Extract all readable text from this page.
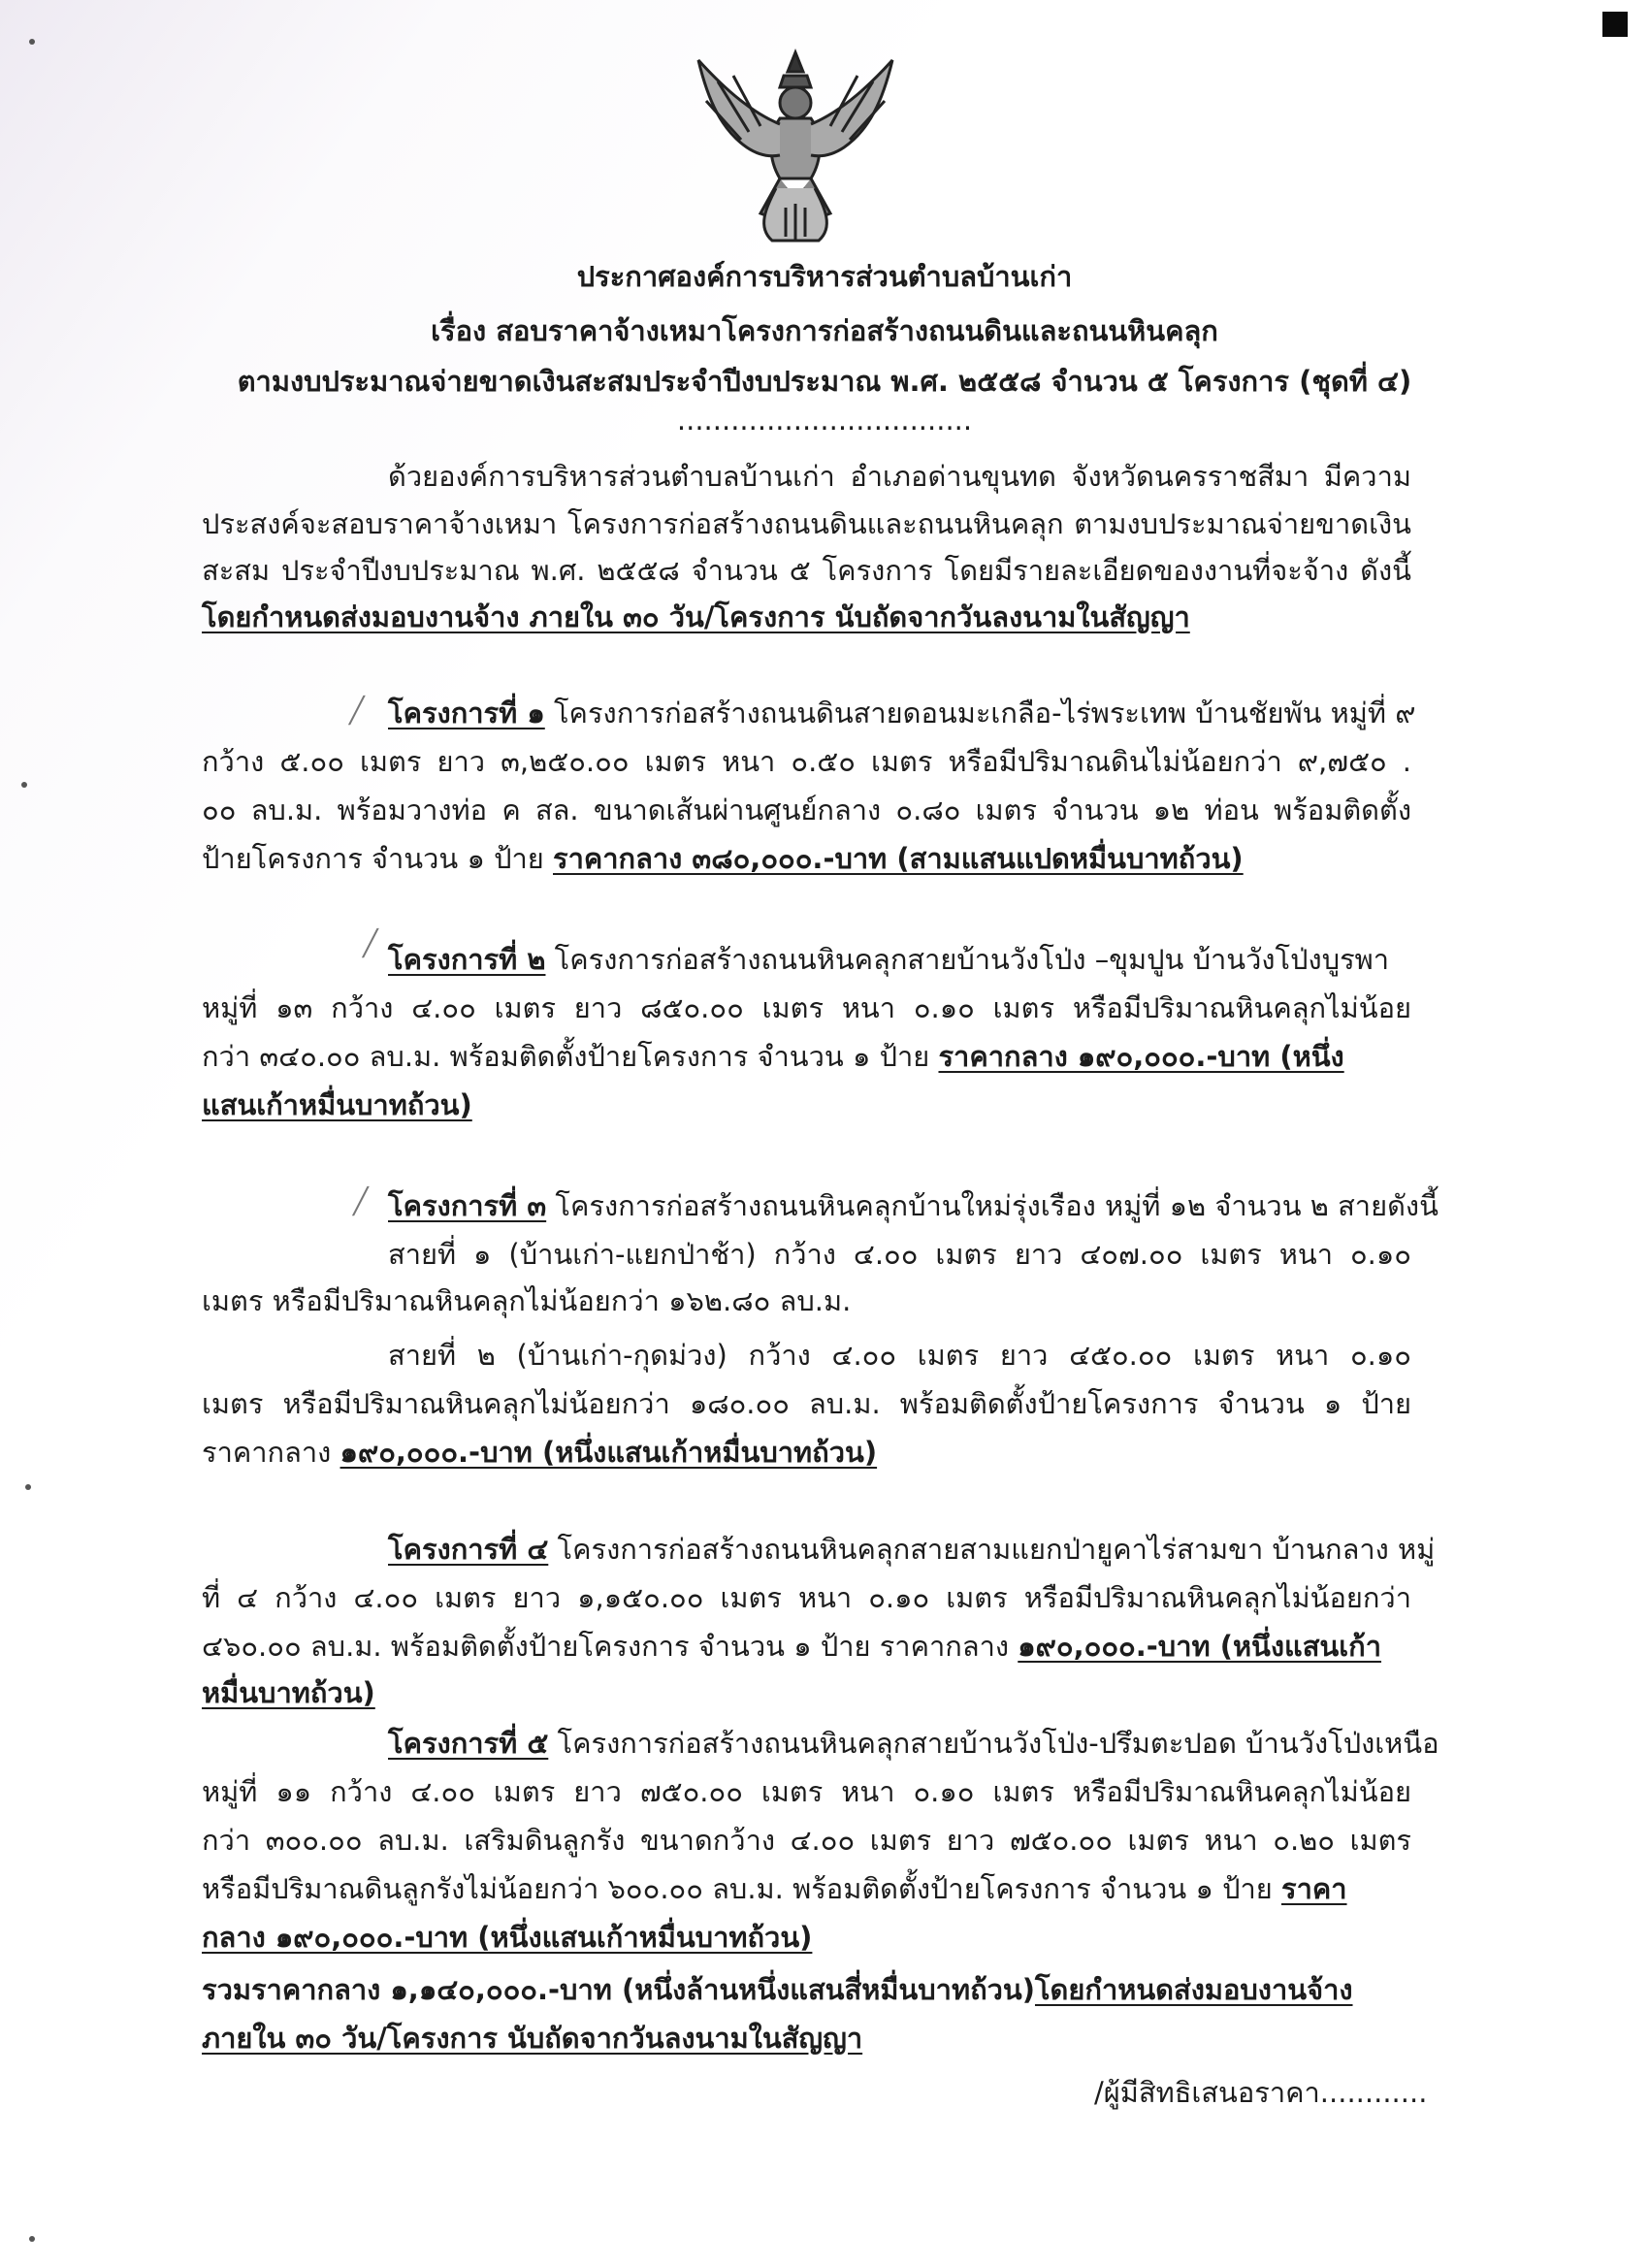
ประกาศองค์การบริหารส่วนตำบลบ้านเก่า
เรื่อง สอบราคาจ้างเหมาโครงการก่อสร้างถนนดินและถนนหินคลุก
ตามงบประมาณจ่ายขาดเงินสะสมประจำปีงบประมาณ พ.ศ. ๒๕๕๘ จำนวน ๕ โครงการ (ชุดที่ ๔)
.................................
ด้วยองค์การบริหารส่วนตำบลบ้านเก่า อำเภอด่านขุนทด จังหวัดนครราชสีมา มีความ
ประสงค์จะสอบราคาจ้างเหมา โครงการก่อสร้างถนนดินและถนนหินคลุก ตามงบประมาณจ่ายขาดเงิน
สะสม ประจำปีงบประมาณ พ.ศ. ๒๕๕๘ จำนวน ๕ โครงการ โดยมีรายละเอียดของงานที่จะจ้าง ดังนี้
โดยกำหนดส่งมอบงานจ้าง ภายใน ๓๐ วัน/โครงการ นับถัดจากวันลงนามในสัญญา
╱ โครงการที่ ๑ โครงการก่อสร้างถนนดินสายดอนมะเกลือ-ไร่พระเทพ บ้านชัยพัน หมู่ที่ ๙
กว้าง ๕.๐๐ เมตร ยาว ๓,๒๕๐.๐๐ เมตร หนา ๐.๕๐ เมตร หรือมีปริมาณดินไม่น้อยกว่า ๙,๗๕๐ .
๐๐ ลบ.ม. พร้อมวางท่อ ค สล. ขนาดเส้นผ่านศูนย์กลาง ๐.๘๐ เมตร จำนวน ๑๒ ท่อน พร้อมติดตั้ง
ป้ายโครงการ จำนวน ๑ ป้าย ราคากลาง ๓๘๐,๐๐๐.-บาท (สามแสนแปดหมื่นบาทถ้วน)
╱ โครงการที่ ๒ โครงการก่อสร้างถนนหินคลุกสายบ้านวังโป่ง –ขุมปูน บ้านวังโป่งบูรพา
หมู่ที่ ๑๓ กว้าง ๔.๐๐ เมตร ยาว ๘๕๐.๐๐ เมตร หนา ๐.๑๐ เมตร หรือมีปริมาณหินคลุกไม่น้อย
กว่า ๓๔๐.๐๐ ลบ.ม. พร้อมติดตั้งป้ายโครงการ จำนวน ๑ ป้าย ราคากลาง ๑๙๐,๐๐๐.-บาท (หนึ่ง
แสนเก้าหมื่นบาทถ้วน)
╱ โครงการที่ ๓ โครงการก่อสร้างถนนหินคลุกบ้านใหม่รุ่งเรือง หมู่ที่ ๑๒ จำนวน ๒ สายดังนี้
สายที่ ๑ (บ้านเก่า-แยกป่าช้า) กว้าง ๔.๐๐ เมตร ยาว ๔๐๗.๐๐ เมตร หนา ๐.๑๐
เมตร หรือมีปริมาณหินคลุกไม่น้อยกว่า ๑๖๒.๘๐ ลบ.ม.
สายที่ ๒ (บ้านเก่า-กุดม่วง) กว้าง ๔.๐๐ เมตร ยาว ๔๕๐.๐๐ เมตร หนา ๐.๑๐
เมตร หรือมีปริมาณหินคลุกไม่น้อยกว่า ๑๘๐.๐๐ ลบ.ม. พร้อมติดตั้งป้ายโครงการ จำนวน ๑ ป้าย
ราคากลาง ๑๙๐,๐๐๐.-บาท (หนึ่งแสนเก้าหมื่นบาทถ้วน)
โครงการที่ ๔ โครงการก่อสร้างถนนหินคลุกสายสามแยกป่ายูคาไร่สามขา บ้านกลาง หมู่
ที่ ๔ กว้าง ๔.๐๐ เมตร ยาว ๑,๑๕๐.๐๐ เมตร หนา ๐.๑๐ เมตร หรือมีปริมาณหินคลุกไม่น้อยกว่า
๔๖๐.๐๐ ลบ.ม. พร้อมติดตั้งป้ายโครงการ จำนวน ๑ ป้าย ราคากลาง ๑๙๐,๐๐๐.-บาท (หนึ่งแสนเก้า
หมื่นบาทถ้วน)
โครงการที่ ๕ โครงการก่อสร้างถนนหินคลุกสายบ้านวังโป่ง-ปรึมตะปอด บ้านวังโป่งเหนือ
หมู่ที่ ๑๑ กว้าง ๔.๐๐ เมตร ยาว ๗๕๐.๐๐ เมตร หนา ๐.๑๐ เมตร หรือมีปริมาณหินคลุกไม่น้อย
กว่า ๓๐๐.๐๐ ลบ.ม. เสริมดินลูกรัง ขนาดกว้าง ๔.๐๐ เมตร ยาว ๗๕๐.๐๐ เมตร หนา ๐.๒๐ เมตร
หรือมีปริมาณดินลูกรังไม่น้อยกว่า ๖๐๐.๐๐ ลบ.ม. พร้อมติดตั้งป้ายโครงการ จำนวน ๑ ป้าย ราคา
กลาง ๑๙๐,๐๐๐.-บาท (หนึ่งแสนเก้าหมื่นบาทถ้วน)
รวมราคากลาง ๑,๑๔๐,๐๐๐.-บาท (หนึ่งล้านหนึ่งแสนสี่หมื่นบาทถ้วน)โดยกำหนดส่งมอบงานจ้าง
ภายใน ๓๐ วัน/โครงการ นับถัดจากวันลงนามในสัญญา
/ผู้มีสิทธิเสนอราคา............
